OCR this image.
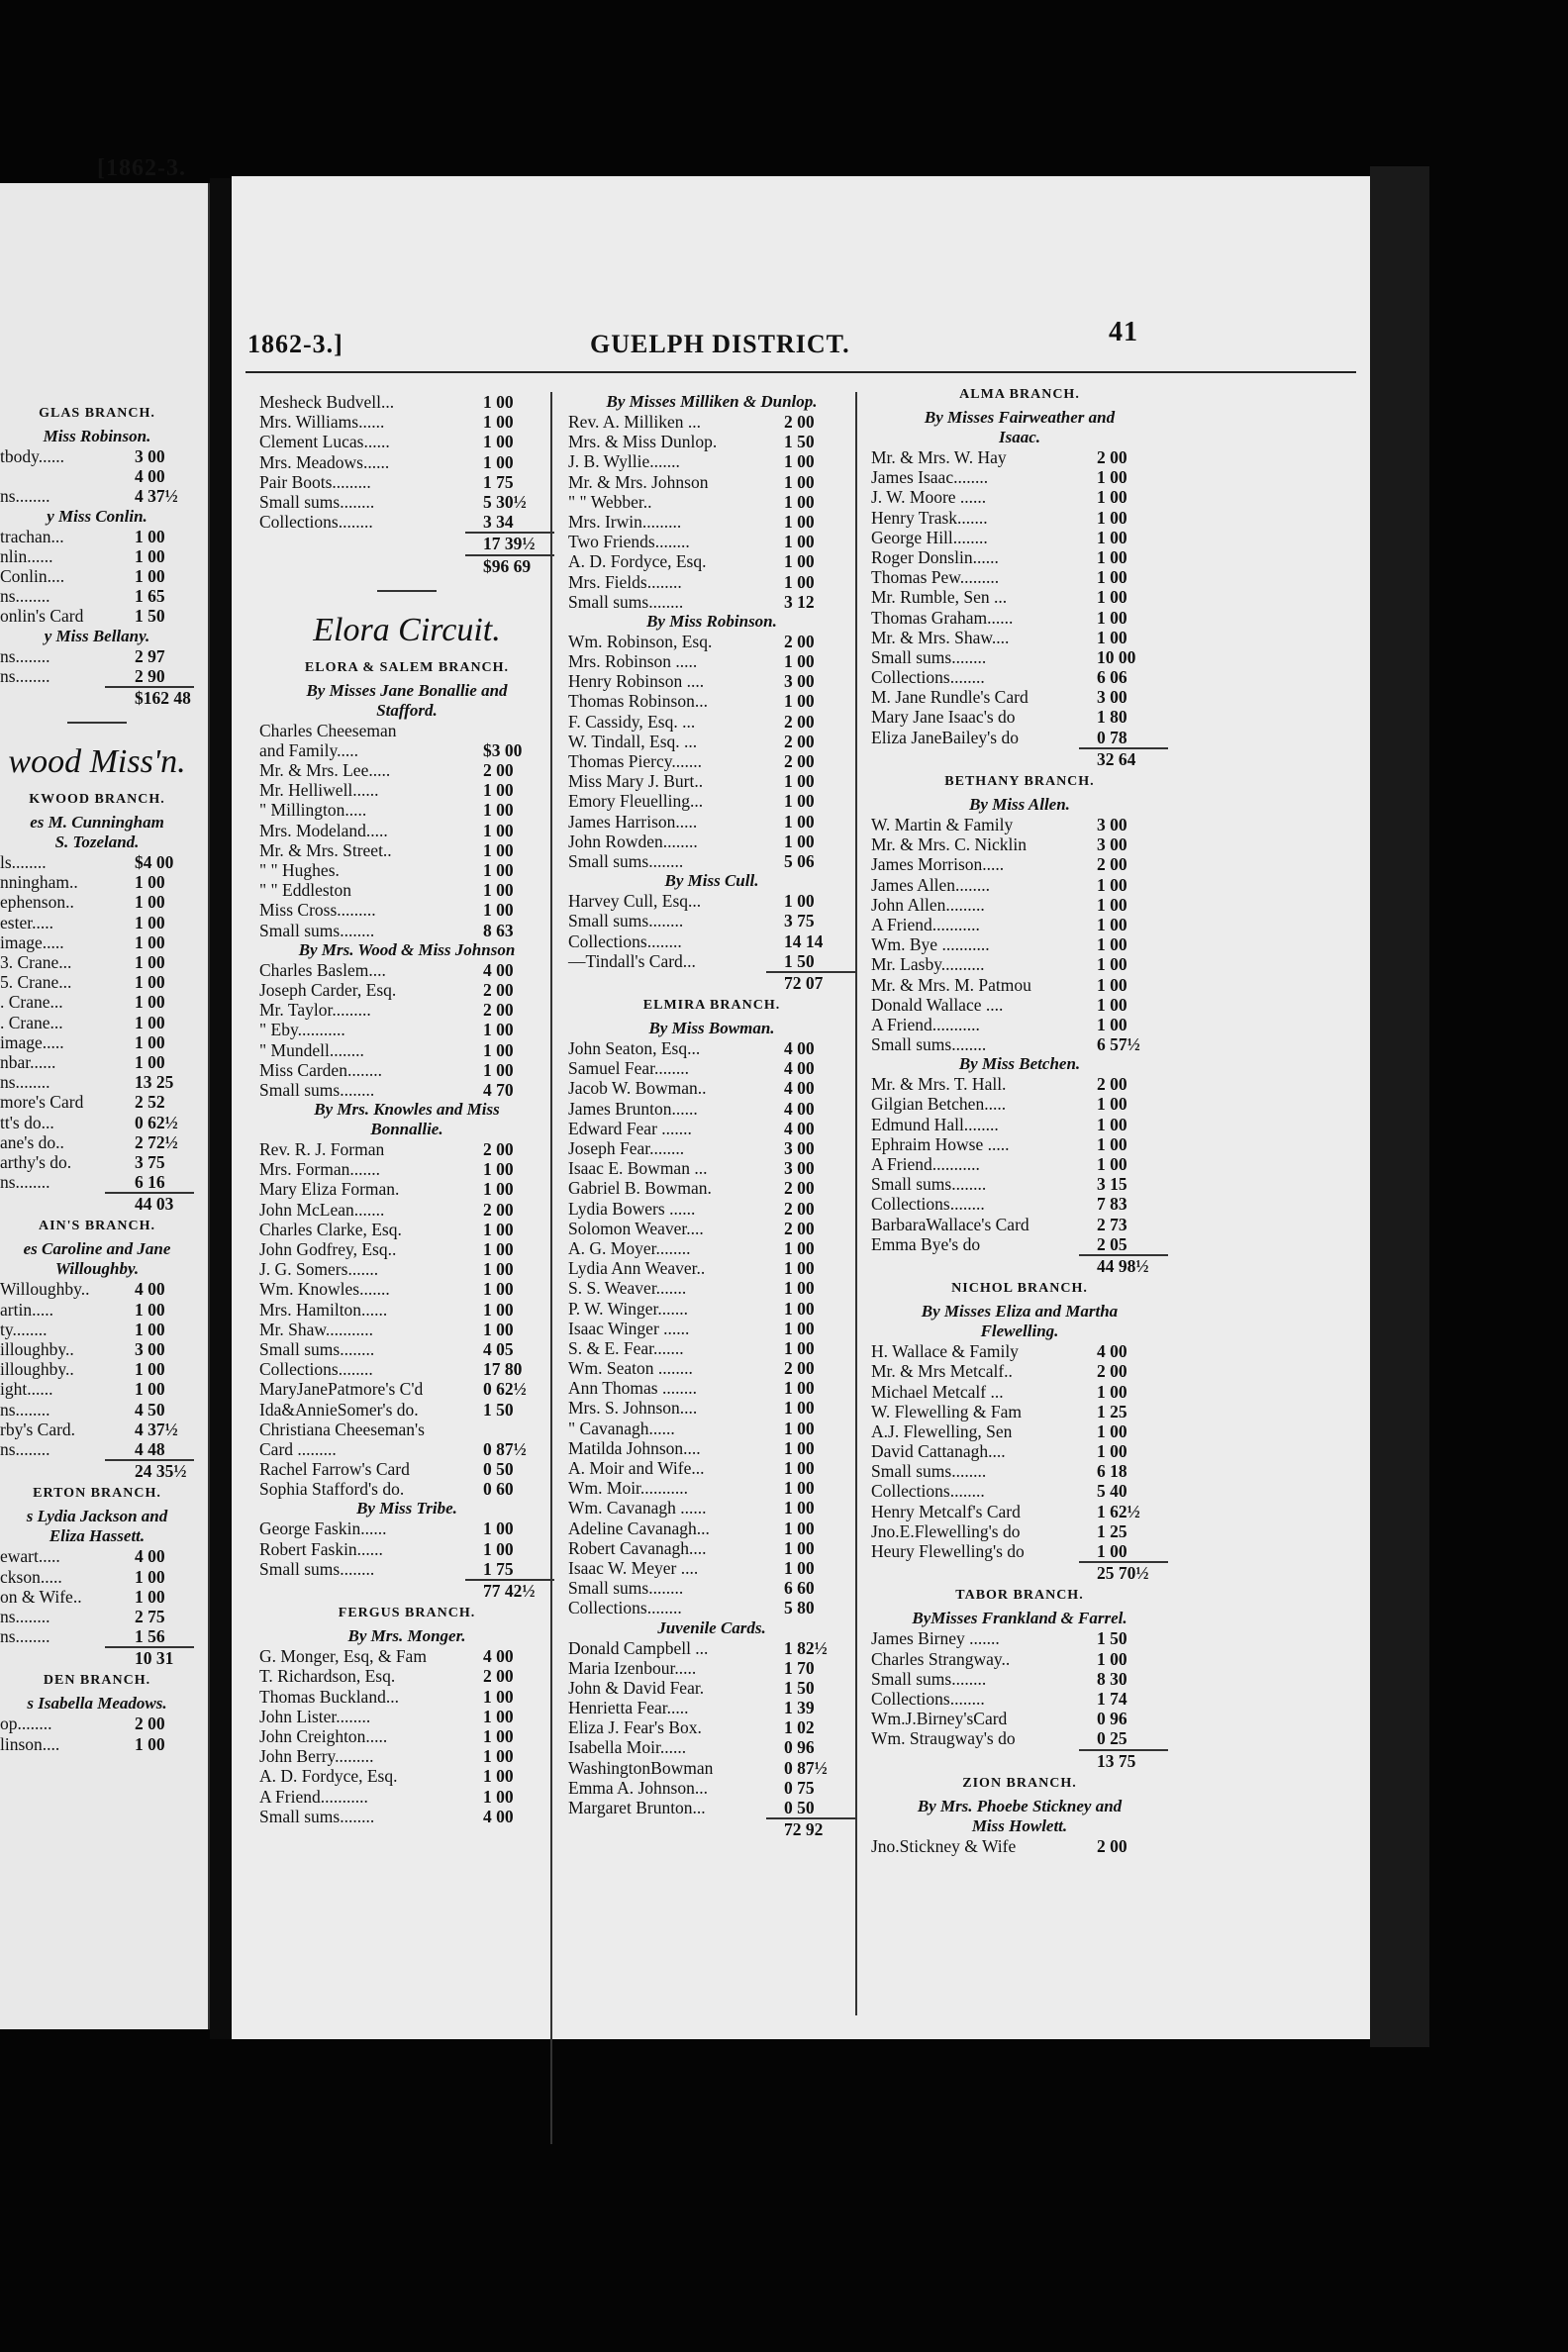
[1862-3.
GLAS BRANCH.
Miss Robinson.
tbody......	3 00
4 00
ns........	4 37½
y Miss Conlin.
trachan...	1 00
nlin......	1 00
Conlin....	1 00
ns........	1 65
onlin's Card	1 50
y Miss Bellany.
ns........	2 97
ns........	2 90
$162 48
wood Miss'n.
KWOOD BRANCH.
es M. Cunningham
S. Tozeland.
ls........	$4 00
nningham..	1 00
ephenson..	1 00
ester.....	1 00
image.....	1 00
3. Crane...	1 00
5. Crane...	1 00
. Crane...	1 00
. Crane...	1 00
image.....	1 00
nbar......	1 00
ns........	13 25
more's Card	2 52
tt's do...	0 62½
ane's do..	2 72½
arthy's do.	3 75
ns........	6 16
44 03
AIN'S BRANCH.
es Caroline and Jane
Willoughby.
Willoughby..	4 00
artin.....	1 00
ty........	1 00
illoughby..	3 00
illoughby..	1 00
ight......	1 00
ns........	4 50
rby's Card.	4 37½
ns........	4 48
24 35½
ERTON BRANCH.
s Lydia Jackson and
Eliza Hassett.
ewart.....	4 00
ckson.....	1 00
on & Wife..	1 00
ns........	2 75
ns........	1 56
10 31
DEN BRANCH.
s Isabella Meadows.
op........	2 00
linson....	1 00
1862-3.]	GUELPH DISTRICT.	41
Mesheck Budvell...	1 00
Mrs. Williams......	1 00
Clement Lucas......	1 00
Mrs. Meadows......	1 00
Pair Boots.........	1 75
Small sums........	5 30½
Collections........	3 34
17 39½
$96 69
Elora Circuit.
ELORA & SALEM BRANCH.
By Misses Jane Bonallie and
Stafford.
Charles Cheeseman
and Family.....	$3 00
Mr. & Mrs. Lee.....	2 00
Mr. Helliwell......	1 00
" Millington.....	1 00
Mrs. Modeland.....	1 00
Mr. & Mrs. Street..	1 00
" " Hughes.	1 00
" " Eddleston	1 00
Miss Cross.........	1 00
Small sums........	8 63
By Mrs. Wood & Miss Johnson
Charles Baslem....	4 00
Joseph Carder, Esq.	2 00
Mr. Taylor.........	2 00
" Eby...........	1 00
" Mundell........	1 00
Miss Carden........	1 00
Small sums........	4 70
By Mrs. Knowles and Miss
Bonnallie.
Rev. R. J. Forman	2 00
Mrs. Forman.......	1 00
Mary Eliza Forman.	1 00
John McLean.......	2 00
Charles Clarke, Esq.	1 00
John Godfrey, Esq..	1 00
J. G. Somers.......	1 00
Wm. Knowles.......	1 00
Mrs. Hamilton......	1 00
Mr. Shaw...........	1 00
Small sums........	4 05
Collections........	17 80
MaryJanePatmore's C'd	0 62½
Ida&AnnieSomer's do.	1 50
Christiana Cheeseman's
Card .........	0 87½
Rachel Farrow's Card	0 50
Sophia Stafford's do.	0 60
By Miss Tribe.
George Faskin......	1 00
Robert Faskin......	1 00
Small sums........	1 75
77 42½
FERGUS BRANCH.
By Mrs. Monger.
G. Monger, Esq, & Fam	4 00
T. Richardson, Esq.	2 00
Thomas Buckland...	1 00
John Lister........	1 00
John Creighton.....	1 00
John Berry.........	1 00
A. D. Fordyce, Esq.	1 00
A Friend...........	1 00
Small sums........	4 00
By Misses Milliken & Dunlop.
Rev. A. Milliken ...	2 00
Mrs. & Miss Dunlop.	1 50
J. B. Wyllie.......	1 00
Mr. & Mrs. Johnson	1 00
" " Webber..	1 00
Mrs. Irwin.........	1 00
Two Friends........	1 00
A. D. Fordyce, Esq.	1 00
Mrs. Fields........	1 00
Small sums........	3 12
By Miss Robinson.
Wm. Robinson, Esq.	2 00
Mrs. Robinson .....	1 00
Henry Robinson ....	3 00
Thomas Robinson...	1 00
F. Cassidy, Esq. ...	2 00
W. Tindall, Esq. ...	2 00
Thomas Piercy.......	2 00
Miss Mary J. Burt..	1 00
Emory Fleuelling...	1 00
James Harrison.....	1 00
John Rowden........	1 00
Small sums........	5 06
By Miss Cull.
Harvey Cull, Esq...	1 00
Small sums........	3 75
Collections........	14 14
—Tindall's Card...	1 50
72 07
ELMIRA BRANCH.
By Miss Bowman.
John Seaton, Esq...	4 00
Samuel Fear........	4 00
Jacob W. Bowman..	4 00
James Brunton......	4 00
Edward Fear .......	4 00
Joseph Fear........	3 00
Isaac E. Bowman ...	3 00
Gabriel B. Bowman.	2 00
Lydia Bowers ......	2 00
Solomon Weaver....	2 00
A. G. Moyer........	1 00
Lydia Ann Weaver..	1 00
S. S. Weaver.......	1 00
P. W. Winger.......	1 00
Isaac Winger ......	1 00
S. & E. Fear.......	1 00
Wm. Seaton ........	2 00
Ann Thomas ........	1 00
Mrs. S. Johnson....	1 00
" Cavanagh......	1 00
Matilda Johnson....	1 00
A. Moir and Wife...	1 00
Wm. Moir...........	1 00
Wm. Cavanagh ......	1 00
Adeline Cavanagh...	1 00
Robert Cavanagh....	1 00
Isaac W. Meyer ....	1 00
Small sums........	6 60
Collections........	5 80
Juvenile Cards.
Donald Campbell ...	1 82½
Maria Izenbour.....	1 70
John & David Fear.	1 50
Henrietta Fear.....	1 39
Eliza J. Fear's Box.	1 02
Isabella Moir......	0 96
WashingtonBowman	0 87½
Emma A. Johnson...	0 75
Margaret Brunton...	0 50
72 92
ALMA BRANCH.
By Misses Fairweather and
Isaac.
Mr. & Mrs. W. Hay	2 00
James Isaac........	1 00
J. W. Moore ......	1 00
Henry Trask.......	1 00
George Hill........	1 00
Roger Donslin......	1 00
Thomas Pew.........	1 00
Mr. Rumble, Sen ...	1 00
Thomas Graham......	1 00
Mr. & Mrs. Shaw....	1 00
Small sums........	10 00
Collections........	6 06
M. Jane Rundle's Card	3 00
Mary Jane Isaac's do	1 80
Eliza JaneBailey's do	0 78
32 64
BETHANY BRANCH.
By Miss Allen.
W. Martin & Family	3 00
Mr. & Mrs. C. Nicklin	3 00
James Morrison.....	2 00
James Allen........	1 00
John Allen.........	1 00
A Friend...........	1 00
Wm. Bye ...........	1 00
Mr. Lasby..........	1 00
Mr. & Mrs. M. Patmou	1 00
Donald Wallace ....	1 00
A Friend...........	1 00
Small sums........	6 57½
By Miss Betchen.
Mr. & Mrs. T. Hall.	2 00
Gilgian Betchen.....	1 00
Edmund Hall........	1 00
Ephraim Howse .....	1 00
A Friend...........	1 00
Small sums........	3 15
Collections........	7 83
BarbaraWallace's Card	2 73
Emma Bye's do	2 05
44 98½
NICHOL BRANCH.
By Misses Eliza and Martha
Flewelling.
H. Wallace & Family	4 00
Mr. & Mrs Metcalf..	2 00
Michael Metcalf ...	1 00
W. Flewelling & Fam	1 25
A.J. Flewelling, Sen	1 00
David Cattanagh....	1 00
Small sums........	6 18
Collections........	5 40
Henry Metcalf's Card	1 62½
Jno.E.Flewelling's do	1 25
Heury Flewelling's do	1 00
25 70½
TABOR BRANCH.
ByMisses Frankland & Farrel.
James Birney .......	1 50
Charles Strangway..	1 00
Small sums........	8 30
Collections........	1 74
Wm.J.Birney'sCard	0 96
Wm. Straugway's do	0 25
13 75
ZION BRANCH.
By Mrs. Phoebe Stickney and
Miss Howlett.
Jno.Stickney & Wife	2 00
